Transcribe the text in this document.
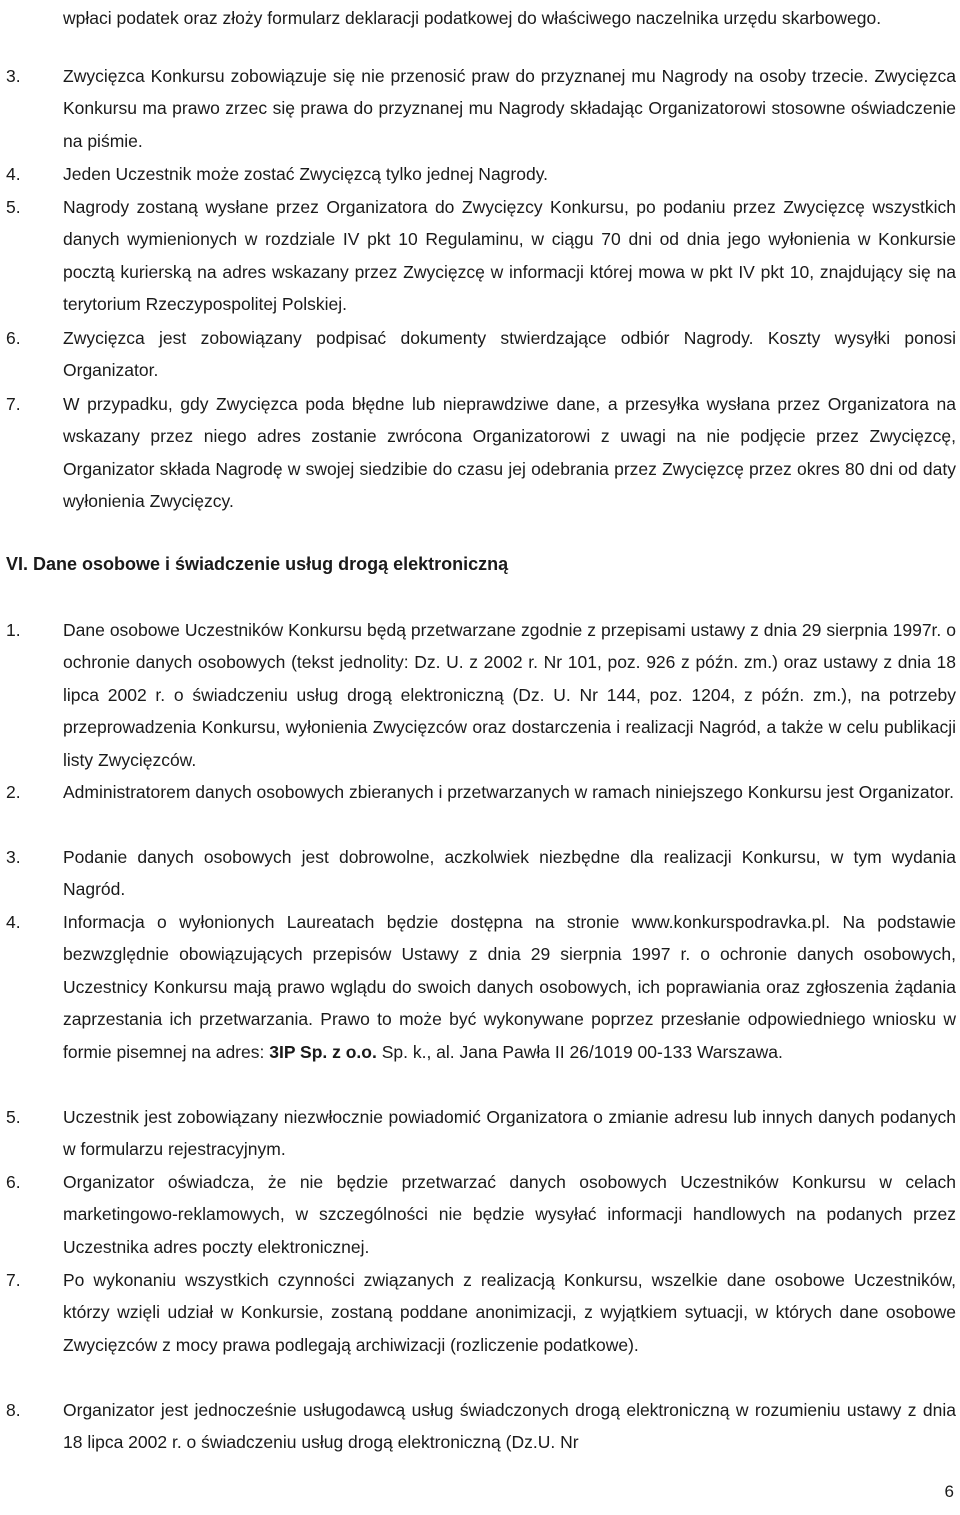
wpłaci podatek oraz złoży formularz deklaracji podatkowej do właściwego naczelnika urzędu skarbowego.
3.	Zwycięzca Konkursu zobowiązuje się nie przenosić praw do przyznanej mu Nagrody na osoby trzecie. Zwycięzca Konkursu ma prawo zrzec się prawa do przyznanej mu Nagrody składając Organizatorowi stosowne oświadczenie na piśmie.
4.	Jeden Uczestnik może zostać Zwycięzcą tylko jednej Nagrody.
5.	Nagrody zostaną wysłane przez Organizatora do Zwycięzcy Konkursu, po podaniu przez Zwycięzcę wszystkich danych wymienionych w rozdziale IV pkt 10 Regulaminu, w ciągu 70 dni od dnia jego wyłonienia w Konkursie pocztą kurierską na adres wskazany przez Zwycięzcę w informacji której mowa w pkt IV pkt 10, znajdujący się na terytorium Rzeczypospolitej Polskiej.
6.	Zwycięzca jest zobowiązany podpisać dokumenty stwierdzające odbiór Nagrody. Koszty wysyłki ponosi Organizator.
7.	W przypadku, gdy Zwycięzca poda błędne lub nieprawdziwe dane, a przesyłka wysłana przez Organizatora na wskazany przez niego adres zostanie zwrócona Organizatorowi z uwagi na nie podjęcie przez Zwycięzcę, Organizator składa Nagrodę w swojej siedzibie do czasu jej odebrania przez Zwycięzcę przez okres 80 dni od daty wyłonienia Zwycięzcy.
VI. Dane osobowe i świadczenie usług drogą elektroniczną
1.	Dane osobowe Uczestników Konkursu będą przetwarzane zgodnie z przepisami ustawy z dnia 29 sierpnia 1997r. o ochronie danych osobowych (tekst jednolity: Dz. U. z 2002 r. Nr 101, poz. 926 z późn. zm.) oraz ustawy z dnia 18 lipca 2002 r. o świadczeniu usług drogą elektroniczną (Dz. U. Nr 144, poz. 1204, z późn. zm.), na potrzeby przeprowadzenia Konkursu, wyłonienia Zwycięzców oraz dostarczenia i realizacji Nagród, a także w celu publikacji listy Zwycięzców.
2.	Administratorem danych osobowych zbieranych i przetwarzanych w ramach niniejszego Konkursu jest Organizator.
3.	Podanie danych osobowych jest dobrowolne, aczkolwiek niezbędne dla realizacji Konkursu, w tym wydania Nagród.
4.	Informacja o wyłonionych Laureatach będzie dostępna na stronie www.konkurspodravka.pl. Na podstawie bezwzględnie obowiązujących przepisów Ustawy z dnia 29 sierpnia 1997 r. o ochronie danych osobowych, Uczestnicy Konkursu mają prawo wglądu do swoich danych osobowych, ich poprawiania oraz zgłoszenia żądania zaprzestania ich przetwarzania. Prawo to może być wykonywane poprzez przesłanie odpowiedniego wniosku w formie pisemnej na adres: 3IP Sp. z o.o. Sp. k., al. Jana Pawła II 26/1019 00-133 Warszawa.
5.	Uczestnik jest zobowiązany niezwłocznie powiadomić Organizatora o zmianie adresu lub innych danych podanych w formularzu rejestracyjnym.
6.	Organizator oświadcza, że nie będzie przetwarzać danych osobowych Uczestników Konkursu w celach marketingowo-reklamowych, w szczególności nie będzie wysyłać informacji handlowych na podanych przez Uczestnika adres poczty elektronicznej.
7.	Po wykonaniu wszystkich czynności związanych z realizacją Konkursu, wszelkie dane osobowe Uczestników, którzy wzięli udział w Konkursie, zostaną poddane anonimizacji, z wyjątkiem sytuacji, w których dane osobowe Zwycięzców z mocy prawa podlegają archiwizacji (rozliczenie podatkowe).
8.	Organizator jest jednocześnie usługodawcą usług świadczonych drogą elektroniczną w rozumieniu ustawy z dnia 18 lipca 2002 r. o świadczeniu usług drogą elektroniczną (Dz.U. Nr
6
